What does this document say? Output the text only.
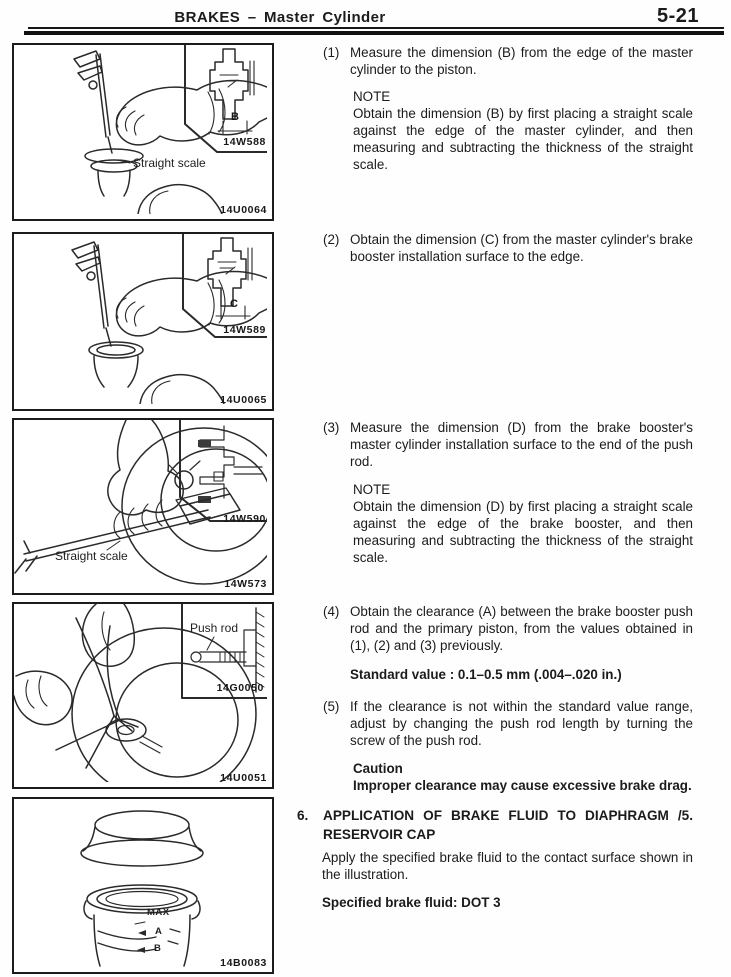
BRAKES – Master Cylinder	5-21
Straight scale
B
14W588
14U0064
C
14W589
14U0065
Straight scale
14W590
14W573
Push rod
14G0050
14U0051
MAX
A
B
14B0083
(1) Measure the dimension (B) from the edge of the master cylinder to the piston.

NOTE

Obtain the dimension (B) by first placing a straight scale against the edge of the master cylinder, and then measuring and subtracting the thickness of the straight scale.

(2) Obtain the dimension (C) from the master cylinder's brake booster installation surface to the edge.

(3) Measure the dimension (D) from the brake booster's master cylinder installation surface to the end of the push rod.

NOTE

Obtain the dimension (D) by first placing a straight scale against the edge of the brake booster, and then measuring and subtracting the thickness of the straight scale.

(4) Obtain the clearance (A) between the brake booster push rod and the primary piston, from the values obtained in (1), (2) and (3) previously.

Standard value : 0.1–0.5 mm (.004–.020 in.)
(5) If the clearance is not within the standard value range, adjust by changing the push rod length by turning the screw of the push rod.

Caution

Improper clearance may cause excessive brake drag.

6.	APPLICATION OF BRAKE FLUID TO DIAPHRAGM /5. RESERVOIR CAP

Apply the specified brake fluid to the contact surface shown in the illustration.

Specified brake fluid: DOT 3
